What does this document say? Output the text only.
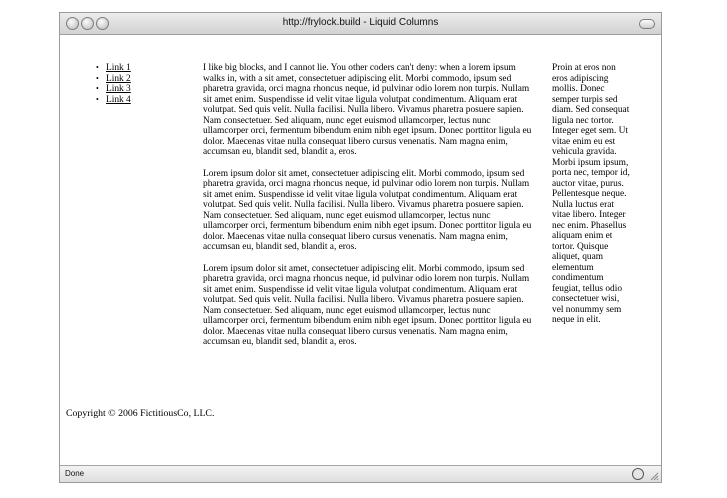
http://frylock.build - Liquid Columns
• Link 1
• Link 2
• Link 3
• Link 4

I like big blocks, and I cannot lie. You other coders can't deny: when a lorem ipsum walks in, with a sit amet, consectetuer adipiscing elit. Morbi commodo, ipsum sed pharetra gravida, orci magna rhoncus neque, id pulvinar odio lorem non turpis. Nullam sit amet enim. Suspendisse id velit vitae ligula volutpat condimentum. Aliquam erat volutpat. Sed quis velit. Nulla facilisi. Nulla libero. Vivamus pharetra posuere sapien. Nam consectetuer. Sed aliquam, nunc eget euismod ullamcorper, lectus nunc ullamcorper orci, fermentum bibendum enim nibh eget ipsum. Donec porttitor ligula eu dolor. Maecenas vitae nulla consequat libero cursus venenatis. Nam magna enim, accumsan eu, blandit sed, blandit a, eros.

Lorem ipsum dolor sit amet, consectetuer adipiscing elit. Morbi commodo, ipsum sed pharetra gravida, orci magna rhoncus neque, id pulvinar odio lorem non turpis. Nullam sit amet enim. Suspendisse id velit vitae ligula volutpat condimentum. Aliquam erat volutpat. Sed quis velit. Nulla facilisi. Nulla libero. Vivamus pharetra posuere sapien. Nam consectetuer. Sed aliquam, nunc eget euismod ullamcorper, lectus nunc ullamcorper orci, fermentum bibendum enim nibh eget ipsum. Donec porttitor ligula eu dolor. Maecenas vitae nulla consequat libero cursus venenatis. Nam magna enim, accumsan eu, blandit sed, blandit a, eros.

Lorem ipsum dolor sit amet, consectetuer adipiscing elit. Morbi commodo, ipsum sed pharetra gravida, orci magna rhoncus neque, id pulvinar odio lorem non turpis. Nullam sit amet enim. Suspendisse id velit vitae ligula volutpat condimentum. Aliquam erat volutpat. Sed quis velit. Nulla facilisi. Nulla libero. Vivamus pharetra posuere sapien. Nam consectetuer. Sed aliquam, nunc eget euismod ullamcorper, lectus nunc ullamcorper orci, fermentum bibendum enim nibh eget ipsum. Donec porttitor ligula eu dolor. Maecenas vitae nulla consequat libero cursus venenatis. Nam magna enim, accumsan eu, blandit sed, blandit a, eros.

Proin at eros non eros adipiscing mollis. Donec semper turpis sed diam. Sed consequat ligula nec tortor. Integer eget sem. Ut vitae enim eu est vehicula gravida. Morbi ipsum ipsum, porta nec, tempor id, auctor vitae, purus. Pellentesque neque. Nulla luctus erat vitae libero. Integer nec enim. Phasellus aliquam enim et tortor. Quisque aliquet, quam elementum condimentum feugiat, tellus odio consectetuer wisi, vel nonummy sem neque in elit.

Copyright © 2006 FictitiousCo, LLC.
Done
